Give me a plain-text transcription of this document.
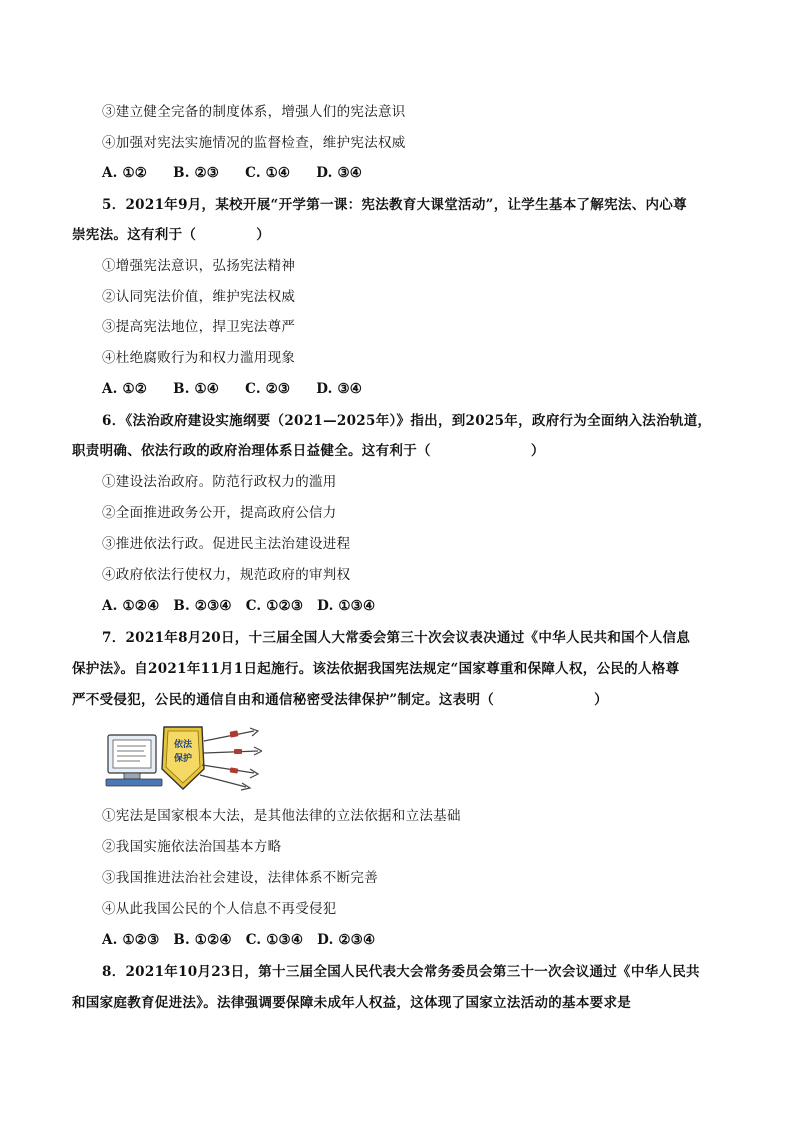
③建立健全完备的制度体系，增强人们的宪法意识
④加强对宪法实施情况的监督检查，维护宪法权威
A. ①② B. ②③ C. ①④ D. ③④
5．2021年9月，某校开展“开学第一课：宪法教育大课堂活动”，让学生基本了解宪法、内心尊
崇宪法。这有利于（	）
①增强宪法意识，弘扬宪法精神
②认同宪法价值，维护宪法权威
③提高宪法地位，捍卫宪法尊严
④杜绝腐败行为和权力滥用现象
A. ①② B. ①④ C. ②③ D. ③④
6．《法治政府建设实施纲要（2021—2025年）》指出，到2025年，政府行为全面纳入法治轨道，
职责明确、依法行政的政府治理体系日益健全。这有利于（	）
①建设法治政府。防范行政权力的滥用
②全面推进政务公开，提高政府公信力
③推进依法行政。促进民主法治建设进程
④政府依法行使权力，规范政府的审判权
A. ①②④ B. ②③④ C. ①②③ D. ①③④
7．2021年8月20日，十三届全国人大常委会第三十次会议表决通过《中华人民共和国个人信息
保护法》。自2021年11月1日起施行。该法依据我国宪法规定“国家尊重和保障人权，公民的人格尊
严不受侵犯，公民的通信自由和通信秘密受法律保护”制定。这表明（	）
依法
保护
①宪法是国家根本大法，是其他法律的立法依据和立法基础
②我国实施依法治国基本方略
③我国推进法治社会建设，法律体系不断完善
④从此我国公民的个人信息不再受侵犯
A. ①②③ B. ①②④ C. ①③④ D. ②③④
8．2021年10月23日，第十三届全国人民代表大会常务委员会第三十一次会议通过《中华人民共
和国家庭教育促进法》。法律强调要保障未成年人权益，这体现了国家立法活动的基本要求是
